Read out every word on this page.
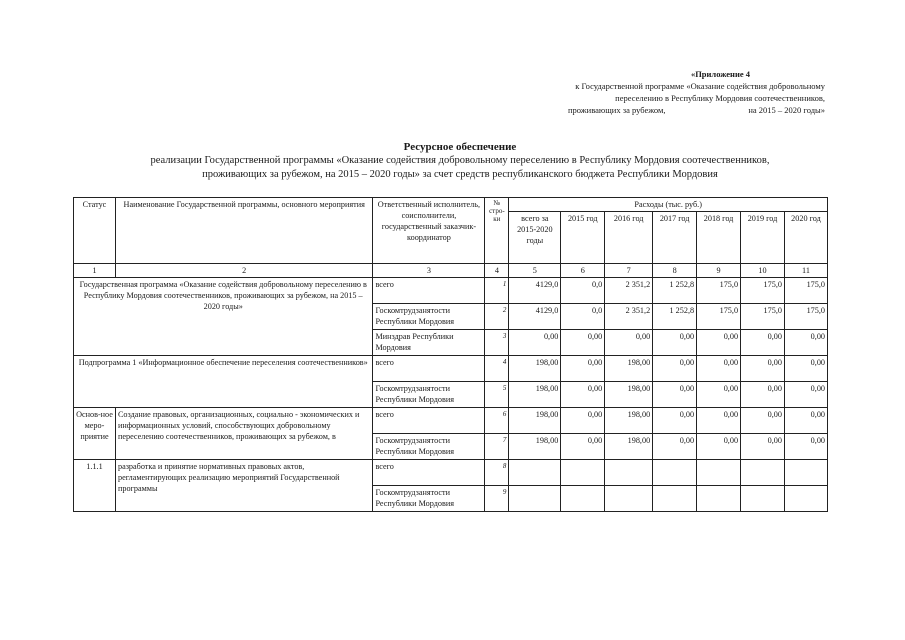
«Приложение 4
к Государственной программе «Оказание содействия добровольному
переселению в Республику Мордовия соотечественников,
проживающих за рубежом,                                       на 2015 – 2020 годы»
Ресурсное обеспечение
реализации Государственной программы «Оказание содействия добровольному переселению в Республику Мордовия соотечественников,
проживающих за рубежом, на 2015 – 2020 годы» за счет средств республиканского бюджета Республики Мордовия
Статус	Наименование Государственной программы, основного мероприятия	Ответственный исполнитель, соисполнители, государственный заказчик-координатор	№ стро-ки	Расходы (тыс. руб.)						
				всего за 2015-2020 годы	2015 год	2016 год	2017 год	2018 год	2019 год	2020 год
1	2	3	4	5	6	7	8	9	10	11
Государственная программа «Оказание содействия добровольному переселению в Республику Мордовия соотечественников, проживающих за рубежом, на 2015 – 2020 годы»		всего	1	4129,0	0,0	2 351,2	1 252,8	175,0	175,0	175,0
		Госкомтрудзанятости Республики Мордовия	2	4129,0	0,0	2 351,2	1 252,8	175,0	175,0	175,0
		Минздрав Республики Мордовия	3	0,00	0,00	0,00	0,00	0,00	0,00	0,00
Подпрограмма 1 «Информационное обеспечение переселения соотечественников»		всего	4	198,00	0,00	198,00	0,00	0,00	0,00	0,00
		Госкомтрудзанятости Республики Мордовия	5	198,00	0,00	198,00	0,00	0,00	0,00	0,00
Основ-ное меро-приятие	Создание правовых, организационных, социально - экономических и информационных условий, способствующих добровольному переселению соотечественников, проживающих за рубежом, в	всего	6	198,00	0,00	198,00	0,00	0,00	0,00	0,00
		Госкомтрудзанятости Республики Мордовия	7	198,00	0,00	198,00	0,00	0,00	0,00	0,00
1.1.1	разработка и принятие нормативных правовых актов, регламентирующих реализацию мероприятий Государственной программы	всего	8							
		Госкомтрудзанятости Республики Мордовия	9							
